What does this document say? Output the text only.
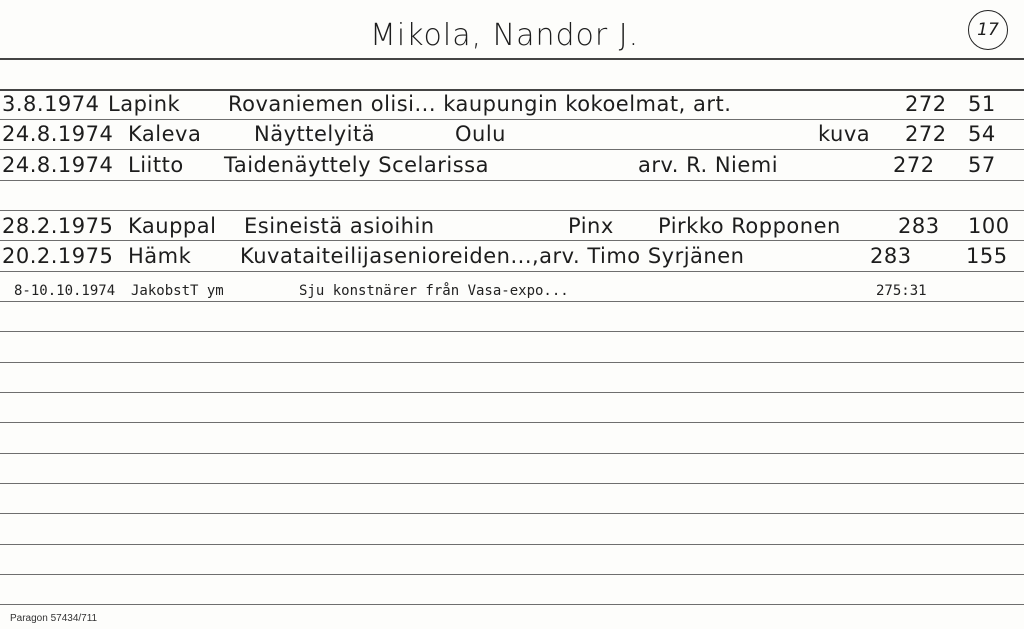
Mikola, Nandor J.	17
3.8.1974 Lapink Rovaniemen olisi... kaupungin kokoelmat, art.	272 51
24.8.1974 Kaleva	Näyttelyitä	Oulu	kuva 272 54
24.8.1974 Liitto Taidenäyttely Scelarissa	arv. R. Niemi	272 57
28.2.1975 Kauppal Esineistä asioihin	Pinx Pirkko Ropponen	283 100
20.2.1975 Hämk Kuvataiteilijasenioreiden...,arv. Timo Syrjänen	283	155
8-10.10.1974 JakobstT ym	Sju konstnärer från Vasa-expo...	275:31
Paragon 57434/711
